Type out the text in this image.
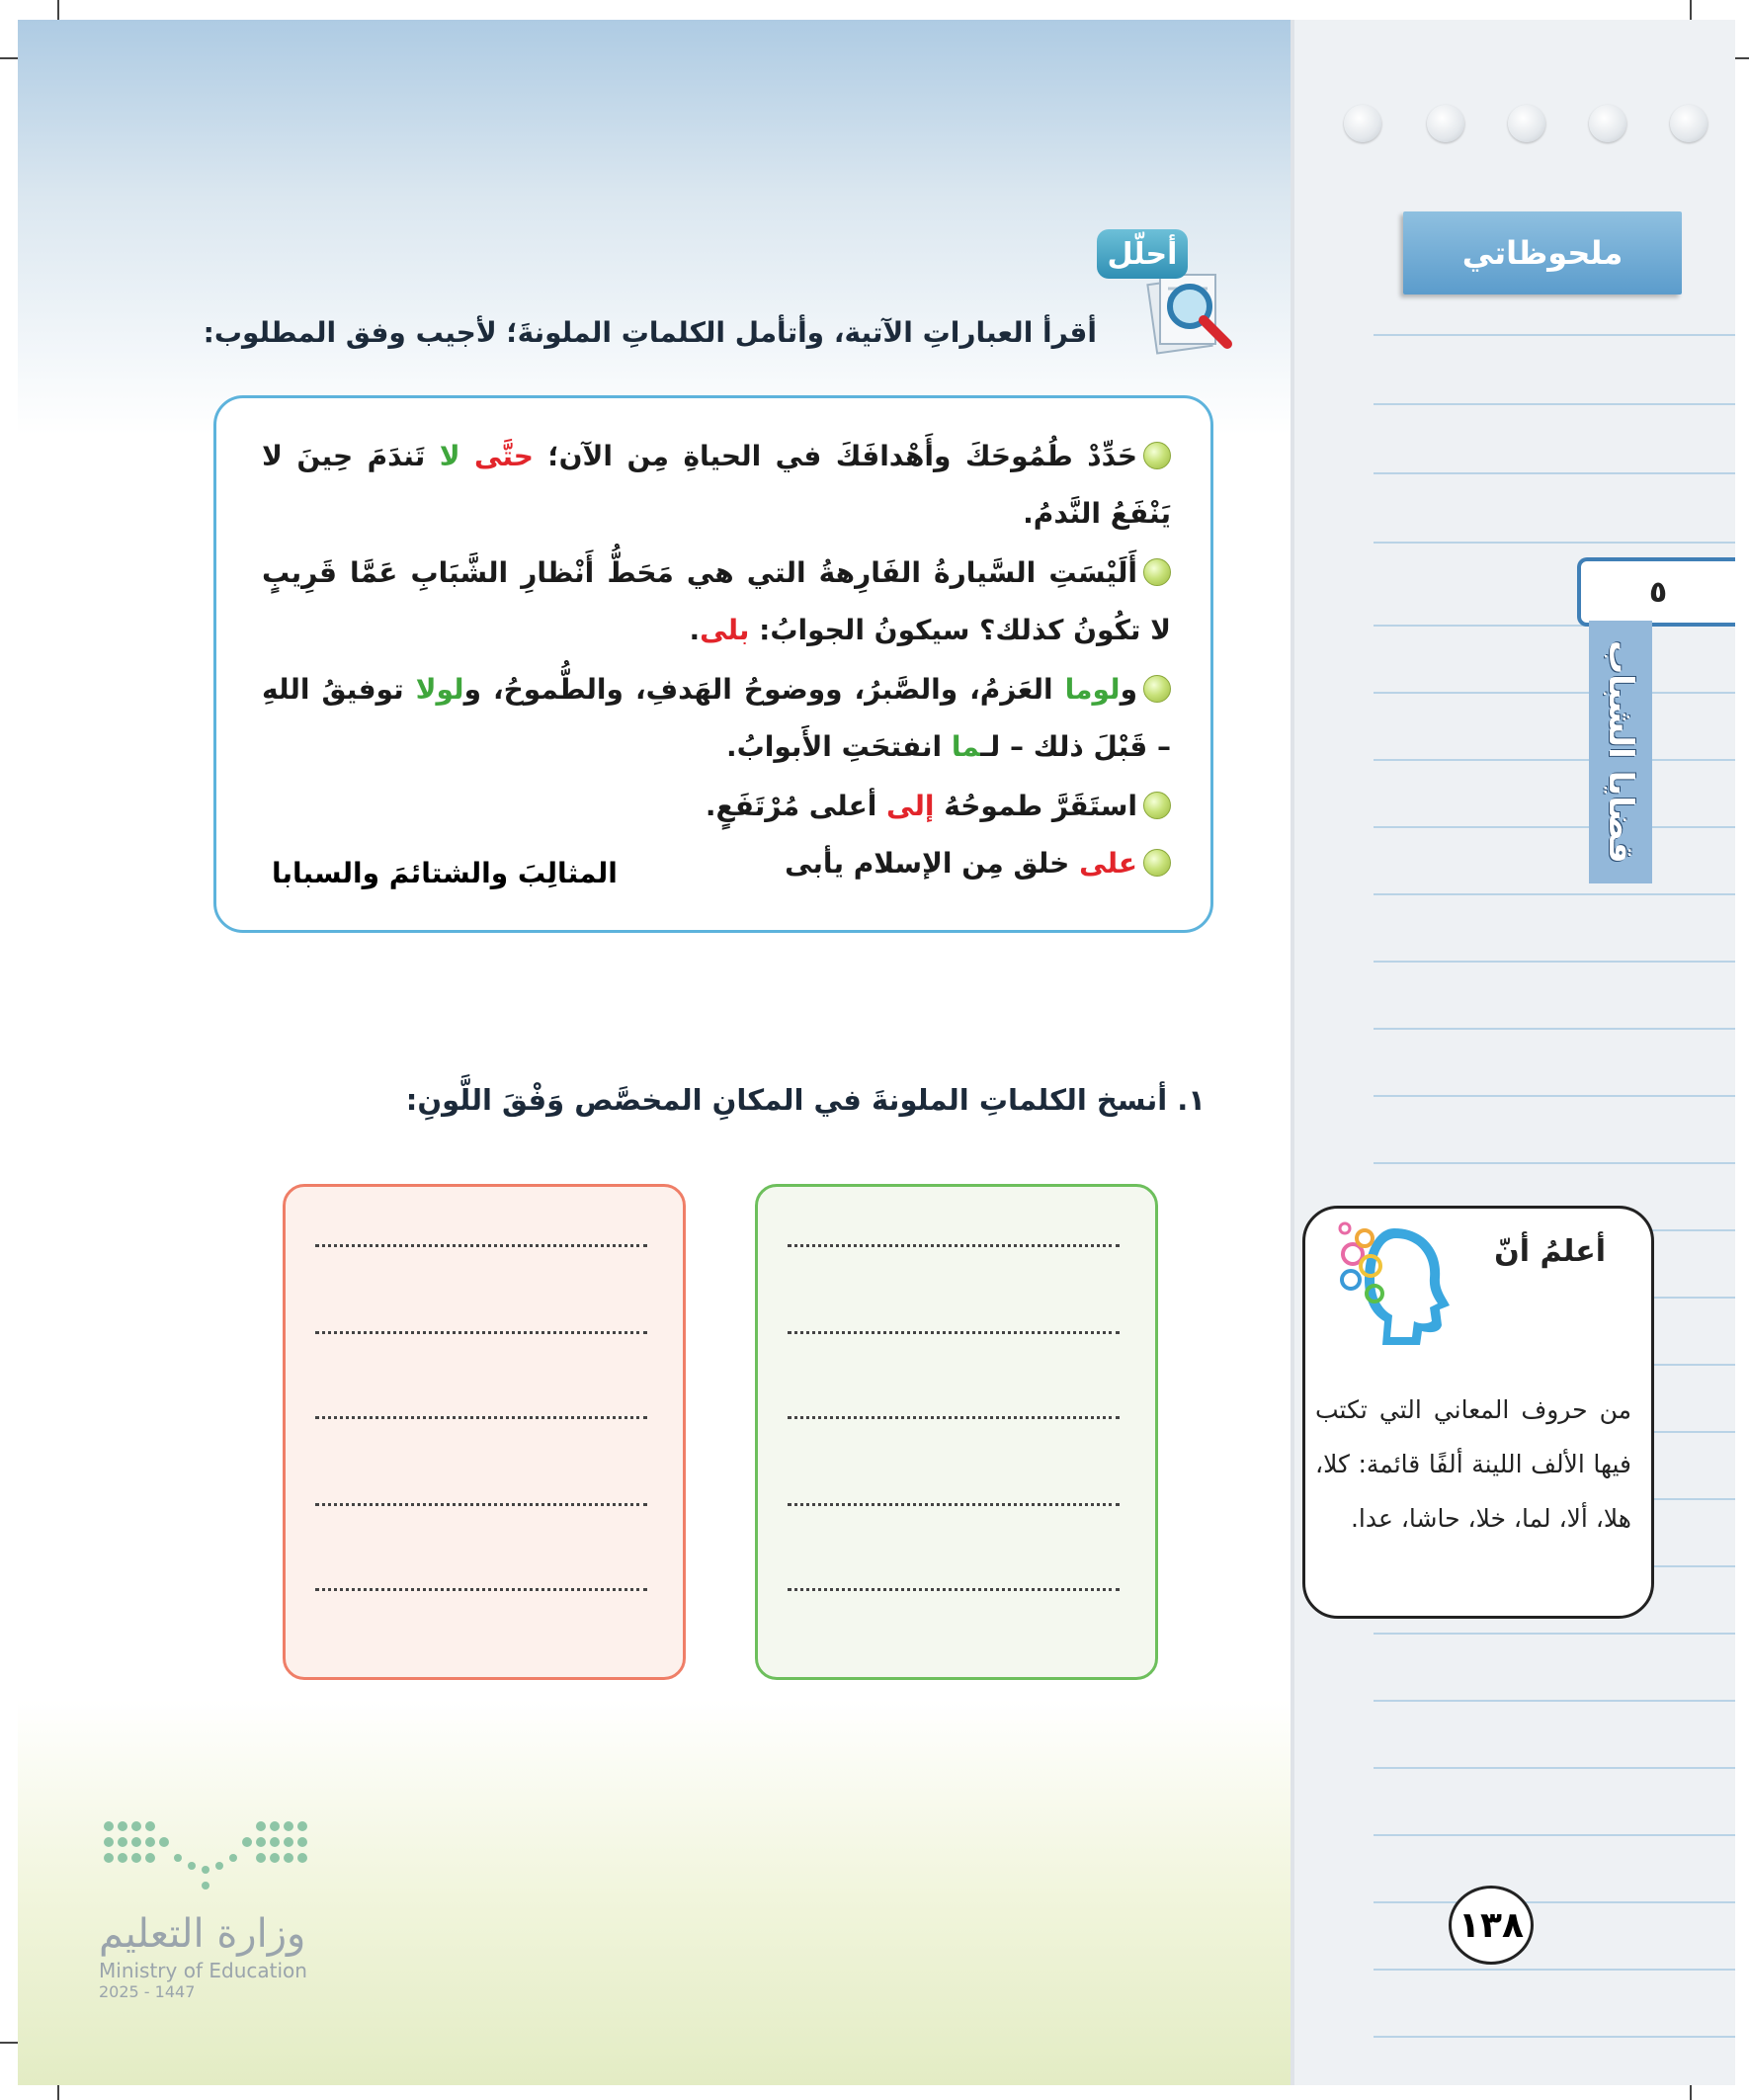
ملحوظاتي
٥
قضايا الشباب
أعلمُ أنّ
من حروف المعاني التي تكتب فيها الألف اللينة ألفًا قائمة: كلا، هلا، ألا، لما، خلا، حاشا، عدا.
١٣٨
أحلّل
أقرأ العباراتِ الآتية، وأتأمل الكلماتِ الملونةَ؛ لأجيب وفق المطلوب:
حَدِّدْ طُمُوحَكَ وأَهْدافَكَ في الحياةِ مِن الآن؛ حتَّى لا تَندَمَ حِينَ لا يَنْفَعُ النَّدمُ.
أَلَيْسَتِ السَّيارةُ الفَارِهةُ التي هي مَحَطُّ أَنْظارِ الشَّبَابِ عَمَّا قَرِيبٍ لا تكُونُ كذلك؟ سيكونُ الجوابُ: بلى.
ولوما العَزمُ، والصَّبرُ، ووضوحُ الهَدفِ، والطُّموحُ، ولولا توفيقُ اللهِ – قَبْلَ ذلك – لـما انفتحَتِ الأَبوابُ.
استَقَرَّ طموحُهُ إلى أعلى مُرْتَفَعٍ.
على خلق مِن الإسلام يأبى
المثالِبَ والشتائمَ والسبابا
١. أنسخ الكلماتِ الملونةَ في المكانِ المخصَّص وَفْقَ اللَّونِ:
وزارة التعليم
Ministry of Education
2025 - 1447
